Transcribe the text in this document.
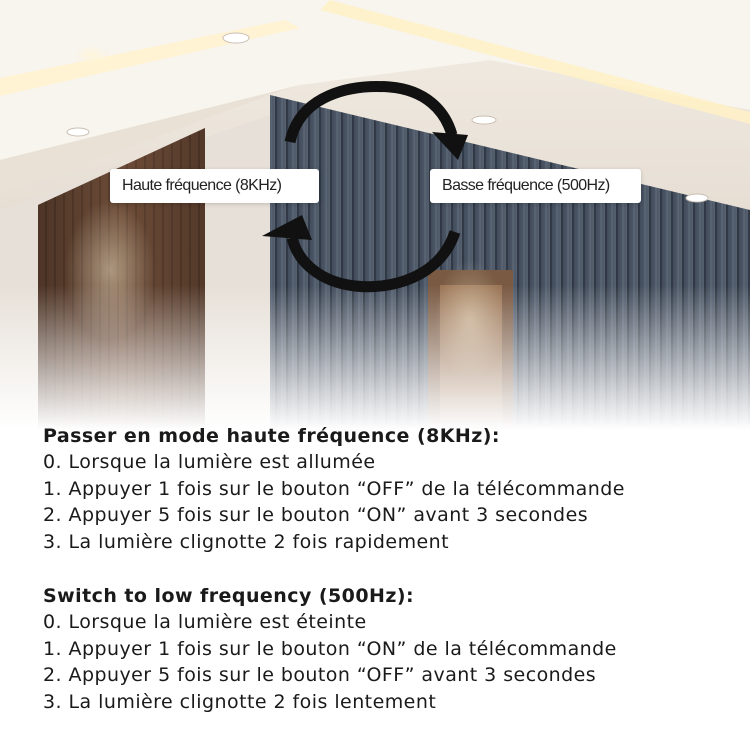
Haute fréquence (8KHz)	Basse fréquence (500Hz)
Passer en mode haute fréquence (8KHz):
0. Lorsque la lumière est allumée
1. Appuyer 1 fois sur le bouton “OFF” de la télécommande
2. Appuyer 5 fois sur le bouton “ON” avant 3 secondes
3. La lumière clignotte 2 fois rapidement
Switch to low frequency (500Hz):
0. Lorsque la lumière est éteinte
1. Appuyer 1 fois sur le bouton “ON” de la télécommande
2. Appuyer 5 fois sur le bouton “OFF” avant 3 secondes
3. La lumière clignotte 2 fois lentement
